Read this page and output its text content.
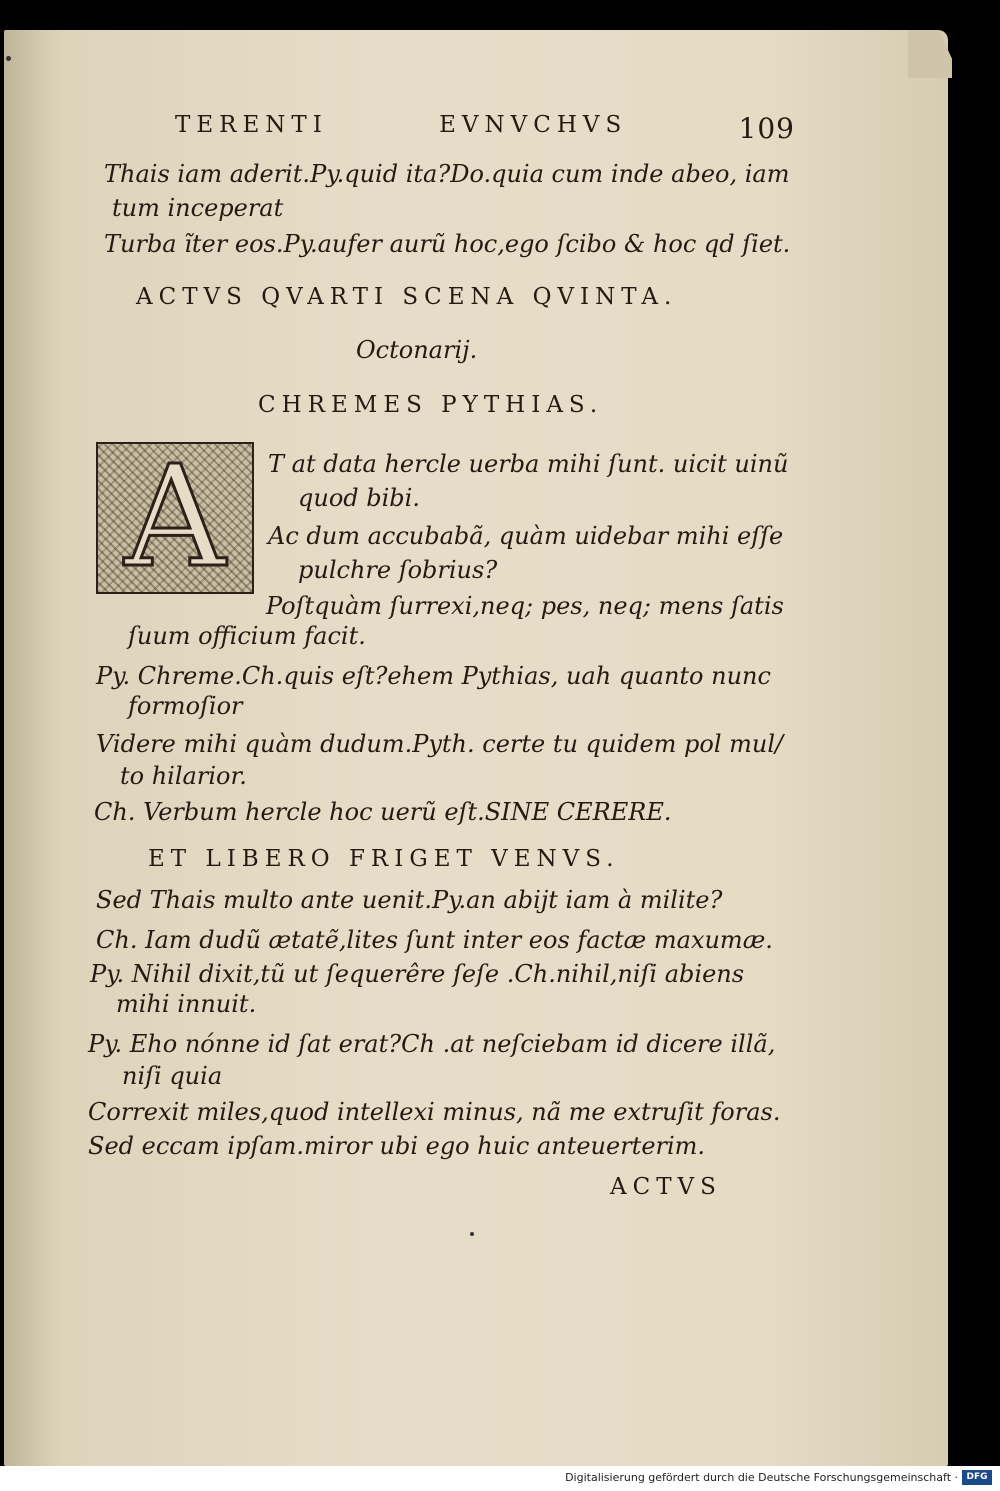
TERENTI	EVNVCHVS	109
Thais iam aderit.Py.quid ita?Do.quia cum inde abeo, iam
tum inceperat
Turba ĩter eos.Py.aufer aurũ hoc,ego ſcibo & hoc qd ſiet.
ACTVS QVARTI SCENA QVINTA.
Octonarij.
CHREMES PYTHIAS.
A	T at data hercle uerba mihi ſunt. uicit uinũ
quod bibi.
Ac dum accubabã, quàm uidebar mihi eſſe
pulchre ſobrius?
Poſtquàm ſurrexi,neq; pes, neq; mens ſatis
ſuum officium facit.
Py. Chreme.Ch.quis eſt?ehem Pythias, uah quanto nunc
formoſior
Videre mihi quàm dudum.Pyth. certe tu quidem pol mul/
to hilarior.
Ch. Verbum hercle hoc uerũ eſt.SINE CERERE.
ET LIBERO FRIGET VENVS.
Sed Thais multo ante uenit.Py.an abijt iam à milite?
Ch. Iam dudũ ætatẽ,lites ſunt inter eos factæ maxumæ.
Py. Nihil dixit,tũ ut ſequerêre ſeſe .Ch.nihil,niſi abiens
mihi innuit.
Py. Eho nónne id ſat erat?Ch .at neſciebam id dicere illã,
niſi quia
Correxit miles,quod intellexi minus, nã me extruſit foras.
Sed eccam ipſam.miror ubi ego huic anteuerterim.
ACTVS
Digitalisierung gefördert durch die Deutsche Forschungsgemeinschaft · DFG
